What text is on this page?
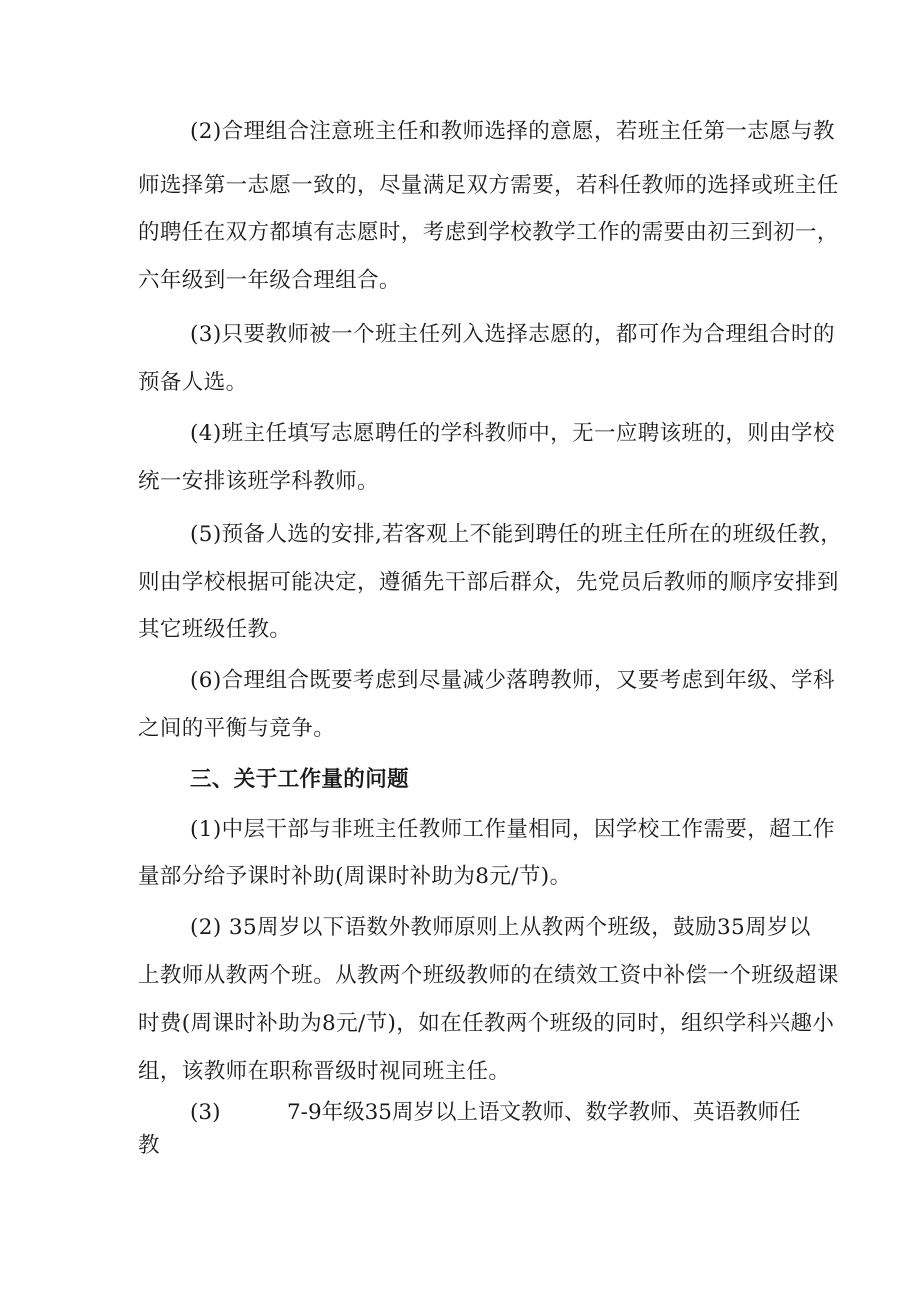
(2)合理组合注意班主任和教师选择的意愿，若班主任第一志愿与教
师选择第一志愿一致的，尽量满足双方需要，若科任教师的选择或班主任
的聘任在双方都填有志愿时，考虑到学校教学工作的需要由初三到初一，
六年级到一年级合理组合。
(3)只要教师被一个班主任列入选择志愿的，都可作为合理组合时的
预备人选。
(4)班主任填写志愿聘任的学科教师中，无一应聘该班的，则由学校
统一安排该班学科教师。
(5)预备人选的安排,若客观上不能到聘任的班主任所在的班级任教，
则由学校根据可能决定，遵循先干部后群众，先党员后教师的顺序安排到
其它班级任教。
(6)合理组合既要考虑到尽量减少落聘教师，又要考虑到年级、学科
之间的平衡与竞争。
三、关于工作量的问题
(1)中层干部与非班主任教师工作量相同，因学校工作需要，超工作
量部分给予课时补助(周课时补助为8元/节)。
(2) 35周岁以下语数外教师原则上从教两个班级，鼓励35周岁以
上教师从教两个班。从教两个班级教师的在绩效工资中补偿一个班级超课
时费(周课时补助为8元/节)，如在任教两个班级的同时，组织学科兴趣小
组，该教师在职称晋级时视同班主任。
(3)	7-9年级35周岁以上语文教师、数学教师、英语教师任
教
